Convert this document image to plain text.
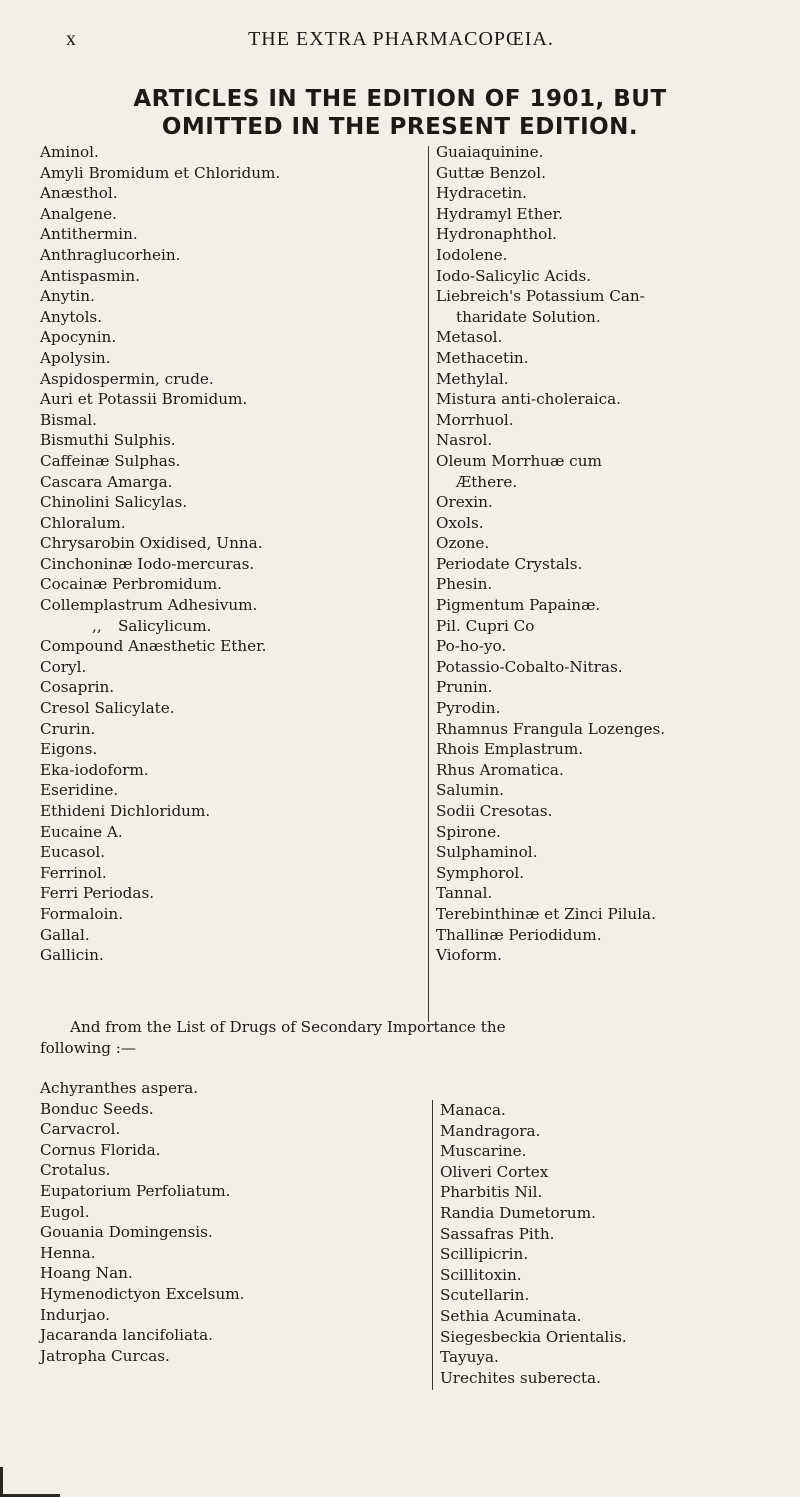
x	THE EXTRA PHARMACOPŒIA.
ARTICLES IN THE EDITION OF 1901, BUT
OMITTED IN THE PRESENT EDITION.
Aminol.
Amyli Bromidum et Chloridum.
Anæsthol.
Analgene.
Antithermin.
Anthraglucorhein.
Antispasmin.
Anytin.
Anytols.
Apocynin.
Apolysin.
Aspidospermin, crude.
Auri et Potassii Bromidum.
Bismal.
Bismuthi Sulphis.
Caffeinæ Sulphas.
Cascara Amarga.
Chinolini Salicylas.
Chloralum.
Chrysarobin Oxidised, Unna.
Cinchoninæ Iodo-mercuras.
Cocainæ Perbromidum.
Collemplastrum Adhesivum.
,, Salicylicum.
Compound Anæsthetic Ether.
Coryl.
Cosaprin.
Cresol Salicylate.
Crurin.
Eigons.
Eka-iodoform.
Eseridine.
Ethideni Dichloridum.
Eucaine A.
Eucasol.
Ferrinol.
Ferri Periodas.
Formaloin.
Gallal.
Gallicin.
Guaiaquinine.
Guttæ Benzol.
Hydracetin.
Hydramyl Ether.
Hydronaphthol.
Iodolene.
Iodo-Salicylic Acids.
Liebreich's Potassium Can-
tharidate Solution.
Metasol.
Methacetin.
Methylal.
Mistura anti-choleraica.
Morrhuol.
Nasrol.
Oleum Morrhuæ cum
Æthere.
Orexin.
Oxols.
Ozone.
Periodate Crystals.
Phesin.
Pigmentum Papainæ.
Pil. Cupri Co
Po-ho-yo.
Potassio-Cobalto-Nitras.
Prunin.
Pyrodin.
Rhamnus Frangula Lozenges.
Rhois Emplastrum.
Rhus Aromatica.
Salumin.
Sodii Cresotas.
Spirone.
Sulphaminol.
Symphorol.
Tannal.
Terebinthinæ et Zinci Pilula.
Thallinæ Periodidum.
Vioform.
And from the List of Drugs of Secondary Importance the
following :—
Achyranthes aspera.
Bonduc Seeds.
Carvacrol.
Cornus Florida.
Crotalus.
Eupatorium Perfoliatum.
Eugol.
Gouania Domingensis.
Henna.
Hoang Nan.
Hymenodictyon Excelsum.
Indurjao.
Jacaranda lancifoliata.
Jatropha Curcas.
Manaca.
Mandragora.
Muscarine.
Oliveri Cortex
Pharbitis Nil.
Randia Dumetorum.
Sassafras Pith.
Scillipicrin.
Scillitoxin.
Scutellarin.
Sethia Acuminata.
Siegesbeckia Orientalis.
Tayuya.
Urechites suberecta.
